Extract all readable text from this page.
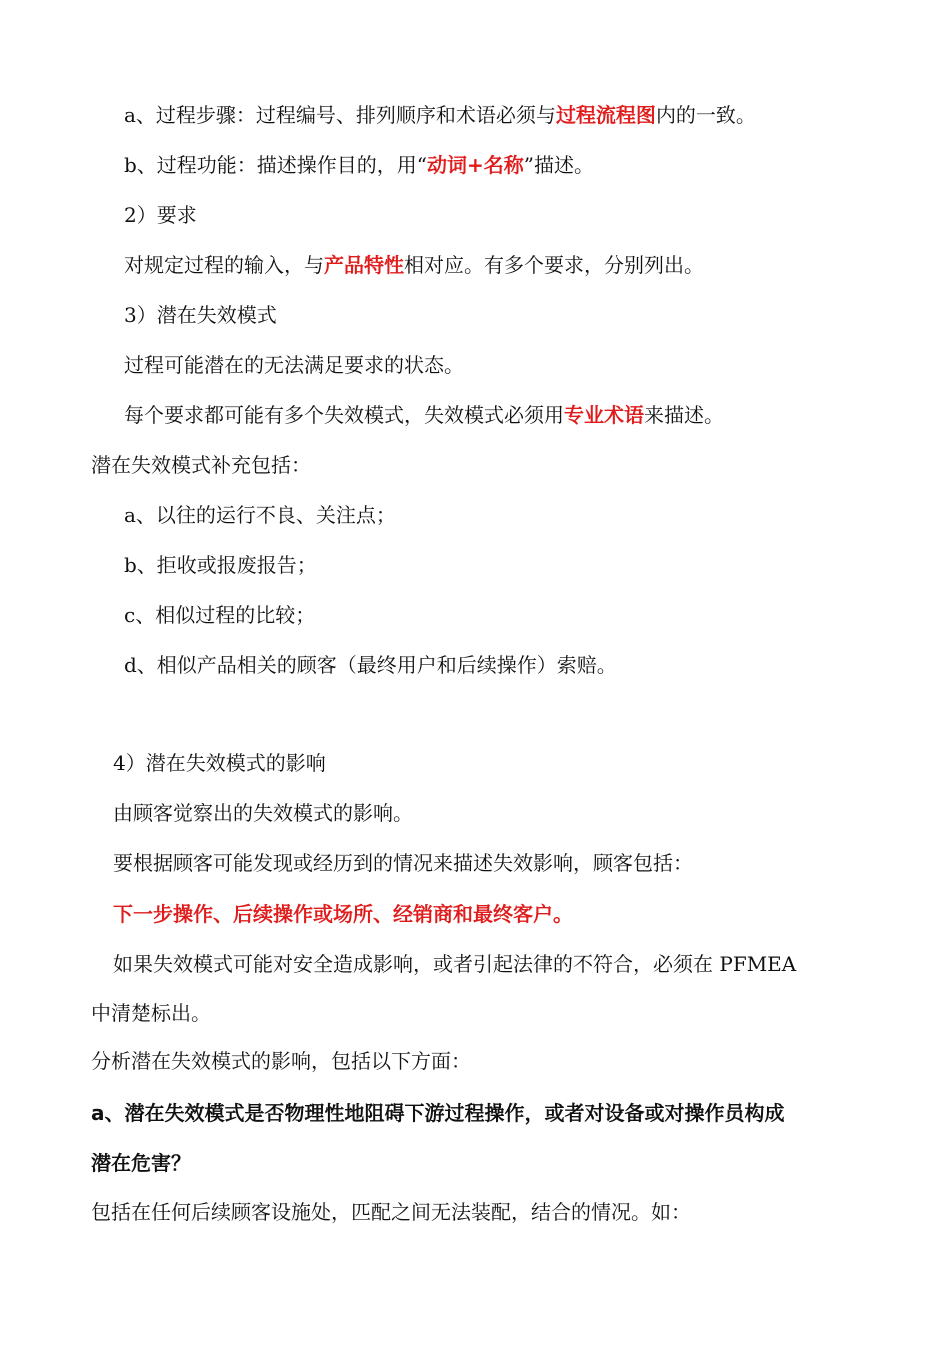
a、过程步骤：过程编号、排列顺序和术语必须与过程流程图内的一致。
b、过程功能：描述操作目的，用“动词+名称”描述。
2）要求
对规定过程的输入，与产品特性相对应。有多个要求，分别列出。
3）潜在失效模式
过程可能潜在的无法满足要求的状态。
每个要求都可能有多个失效模式，失效模式必须用专业术语来描述。
潜在失效模式补充包括：
a、以往的运行不良、关注点；
b、拒收或报废报告；
c、相似过程的比较；
d、相似产品相关的顾客（最终用户和后续操作）索赔。
4）潜在失效模式的影响
由顾客觉察出的失效模式的影响。
要根据顾客可能发现或经历到的情况来描述失效影响，顾客包括：
下一步操作、后续操作或场所、经销商和最终客户。
如果失效模式可能对安全造成影响，或者引起法律的不符合，必须在 PFMEA
中清楚标出。
分析潜在失效模式的影响，包括以下方面：
a、潜在失效模式是否物理性地阻碍下游过程操作，或者对设备或对操作员构成
潜在危害？
包括在任何后续顾客设施处，匹配之间无法装配，结合的情况。如：
